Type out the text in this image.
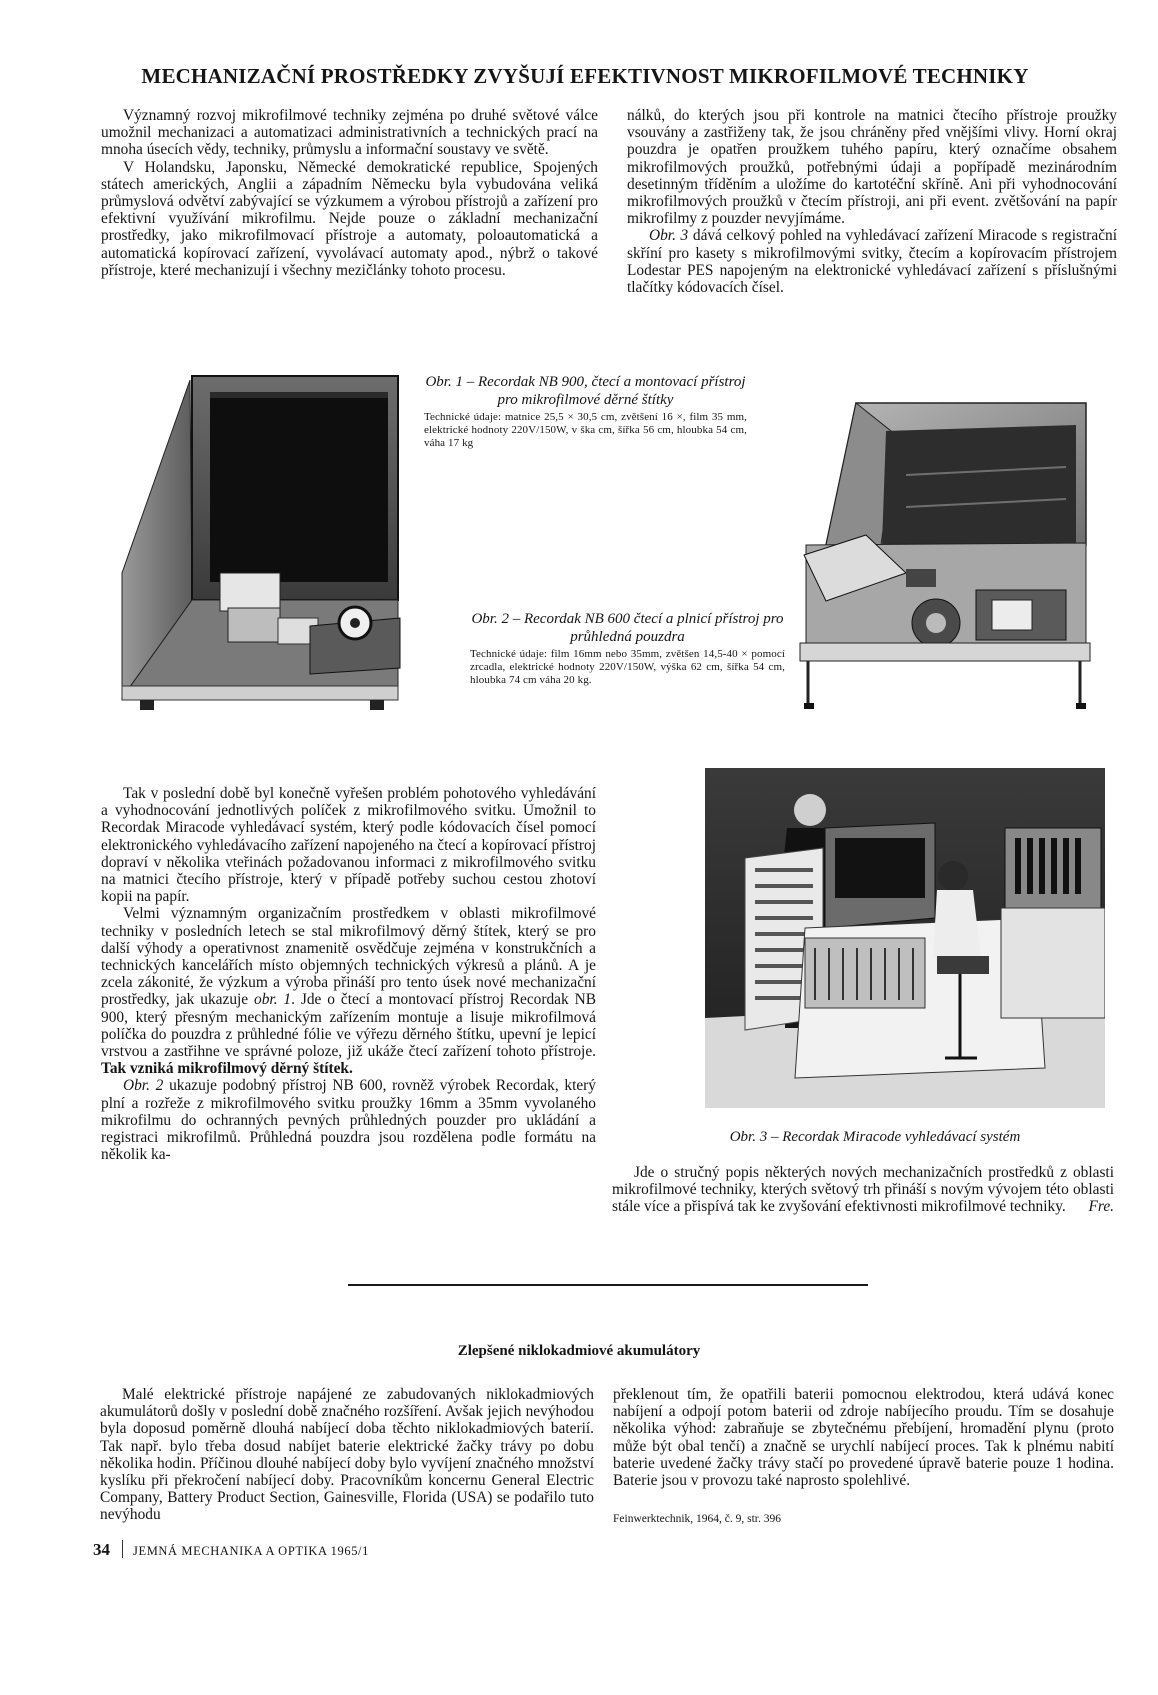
MECHANIZAČNÍ PROSTŘEDKY ZVYŠUJÍ EFEKTIVNOST MIKROFILMOVÉ TECHNIKY

Významný rozvoj mikrofilmové techniky zejména po druhé světové válce umožnil mechanizaci a automatizaci administrativních a technických prací na mnoha úsecích vědy, techniky, průmyslu a informační soustavy ve světě.

V Holandsku, Japonsku, Německé demokratické republice, Spojených státech amerických, Anglii a západním Německu byla vybudována veliká průmyslová odvětví zabývající se výzkumem a výrobou přístrojů a zařízení pro efektivní využívání mikrofilmu. Nejde pouze o základní mechanizační prostředky, jako mikrofilmovací přístroje a automaty, poloautomatická a automatická kopírovací zařízení, vyvolávací automaty apod., nýbrž o takové přístroje, které mechanizují i všechny mezičlánky tohoto procesu.

nálků, do kterých jsou při kontrole na matnici čtecího přístroje proužky vsouvány a zastřiženy tak, že jsou chráněny před vnějšími vlivy. Horní okraj pouzdra je opatřen proužkem tuhého papíru, který označíme obsahem mikrofilmových proužků, potřebnými údaji a popřípadě mezinárodním desetinným tříděním a uložíme do kartotéční skříně. Ani při vyhodnocování mikrofilmových proužků v čtecím přístroji, ani při event. zvětšování na papír mikrofilmy z pouzder nevyjímáme.

Obr. 3 dává celkový pohled na vyhledávací zařízení Miracode s registrační skříní pro kasety s mikrofilmovými svitky, čtecím a kopírovacím přístrojem Lodestar PES napojeným na elektronické vyhledávací zařízení s příslušnými tlačítky kódovacích čísel.

Obr. 1 – Recordak NB 900, čtecí a montovací přístroj pro mikrofilmové děrné štítky

Technické údaje: matnice 25,5 × 30,5 cm, zvětšení 16 ×, film 35 mm, elektrické hodnoty 220V/150W, v ška cm, šířka 56 cm, hloubka 54 cm, váha 17 kg

Obr. 2 – Recordak NB 600 čtecí a plnicí přístroj pro průhledná pouzdra

Technické údaje: film 16mm nebo 35mm, zvětšen 14,5-40 × pomocí zrcadla, elektrické hodnoty 220V/150W, výška 62 cm, šířka 54 cm, hloubka 74 cm váha 20 kg.

Tak v poslední době byl konečně vyřešen problém pohotového vyhledávání a vyhodnocování jednotlivých políček z mikrofilmového svitku. Umožnil to Recordak Miracode vyhledávací systém, který podle kódovacích čísel pomocí elektronického vyhledávacího zařízení napojeného na čtecí a kopírovací přístroj dopraví v několika vteřinách požadovanou informaci z mikrofilmového svitku na matnici čtecího přístroje, který v případě potřeby suchou cestou zhotoví kopii na papír.

Velmi významným organizačním prostředkem v oblasti mikrofilmové techniky v posledních letech se stal mikrofilmový děrný štítek, který se pro další výhody a operativnost znamenitě osvědčuje zejména v konstrukčních a technických kancelářích místo objemných technických výkresů a plánů. A je zcela zákonité, že výzkum a výroba přináší pro tento úsek nové mechanizační prostředky, jak ukazuje obr. 1. Jde o čtecí a montovací přístroj Recordak NB 900, který přesným mechanickým zařízením montuje a lisuje mikrofilmová políčka do pouzdra z průhledné fólie ve výřezu děrného štítku, upevní je lepicí vrstvou a zastřihne ve správné poloze, již ukáže čtecí zařízení tohoto přístroje. Tak vzniká mikrofilmový děrný štítek.

Obr. 2 ukazuje podobný přístroj NB 600, rovněž výrobek Recordak, který plní a rozřeže z mikrofilmového svitku proužky 16mm a 35mm vyvolaného mikrofilmu do ochranných pevných průhledných pouzder pro ukládání a registraci mikrofilmů. Průhledná pouzdra jsou rozdělena podle formátu na několik ka-

Obr. 3 – Recordak Miracode vyhledávací systém

Jde o stručný popis některých nových mechanizačních prostředků z oblasti mikrofilmové techniky, kterých světový trh přináší s novým vývojem této oblasti stále více a přispívá tak ke zvyšování efektivnosti mikrofilmové techniky.	Fre.

Zlepšené niklokadmiové akumulátory

Malé elektrické přístroje napájené ze zabudovaných niklokadmiových akumulátorů došly v poslední době značného rozšíření. Avšak jejich nevýhodou byla doposud poměrně dlouhá nabíjecí doba těchto niklokadmiových baterií. Tak např. bylo třeba dosud nabíjet baterie elektrické žačky trávy po dobu několika hodin. Příčinou dlouhé nabíjecí doby bylo vyvíjení značného množství kyslíku při překročení nabíjecí doby. Pracovníkům koncernu General Electric Company, Battery Product Section, Gainesville, Florida (USA) se podařilo tuto nevýhodu

překlenout tím, že opatřili baterii pomocnou elektrodou, která udává konec nabíjení a odpojí potom baterii od zdroje nabíjecího proudu. Tím se dosahuje několika výhod: zabraňuje se zbytečnému přebíjení, hromadění plynu (proto může být obal tenčí) a značně se urychlí nabíjecí proces. Tak k plnému nabití baterie uvedené žačky trávy stačí po provedené úpravě baterie pouze 1 hodina. Baterie jsou v provozu také naprosto spolehlivé.

Feinwerktechnik, 1964, č. 9, str. 396
34 JEMNÁ MECHANIKA A OPTIKA 1965/1
